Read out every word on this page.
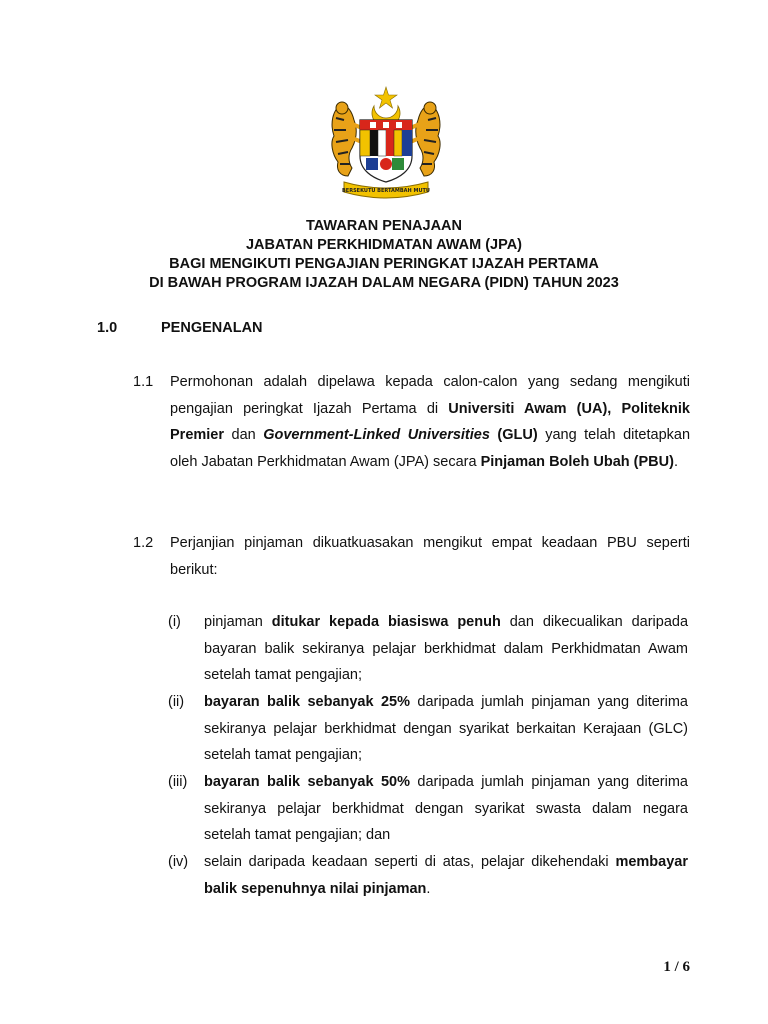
BERSEKUTU BERTAMBAH MUTU
TAWARAN PENAJAAN
JABATAN PERKHIDMATAN AWAM (JPA)
BAGI MENGIKUTI PENGAJIAN PERINGKAT IJAZAH PERTAMA
DI BAWAH PROGRAM IJAZAH DALAM NEGARA (PIDN) TAHUN 2023
1.0	PENGENALAN
1.1 Permohonan adalah dipelawa kepada calon-calon yang sedang mengikuti pengajian peringkat Ijazah Pertama di Universiti Awam (UA), Politeknik Premier dan Government-Linked Universities (GLU) yang telah ditetapkan oleh Jabatan Perkhidmatan Awam (JPA) secara Pinjaman Boleh Ubah (PBU).
1.2 Perjanjian pinjaman dikuatkuasakan mengikut empat keadaan PBU seperti berikut:
(i) pinjaman ditukar kepada biasiswa penuh dan dikecualikan daripada bayaran balik sekiranya pelajar berkhidmat dalam Perkhidmatan Awam setelah tamat pengajian;
(ii) bayaran balik sebanyak 25% daripada jumlah pinjaman yang diterima sekiranya pelajar berkhidmat dengan syarikat berkaitan Kerajaan (GLC) setelah tamat pengajian;
(iii) bayaran balik sebanyak 50% daripada jumlah pinjaman yang diterima sekiranya pelajar berkhidmat dengan syarikat swasta dalam negara setelah tamat pengajian; dan
(iv) selain daripada keadaan seperti di atas, pelajar dikehendaki membayar balik sepenuhnya nilai pinjaman.
1 / 6
